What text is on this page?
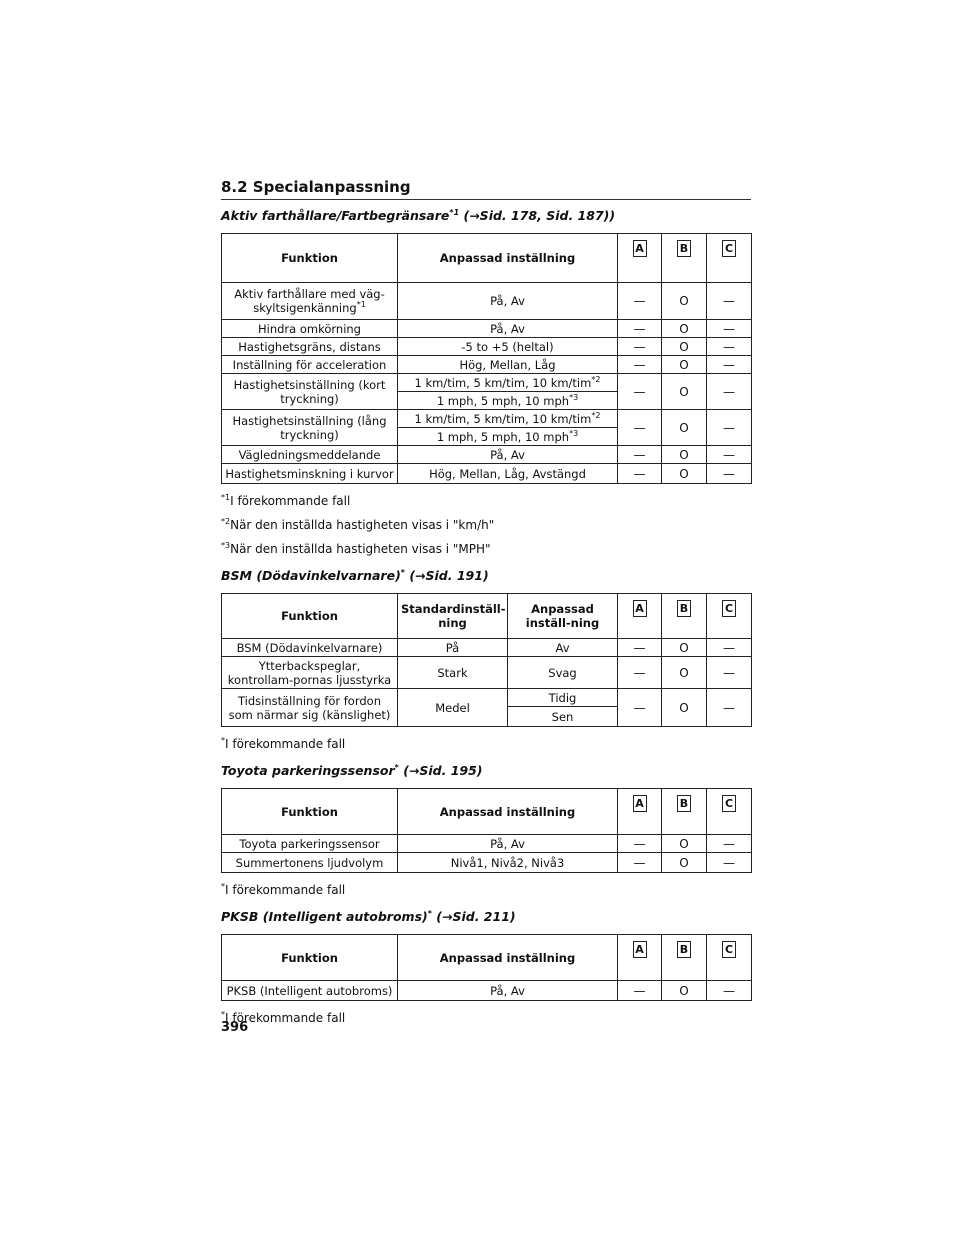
8.2 Specialanpassning
Aktiv farthållare/Fartbegränsare$^{*1}$ (→Sid. 178, Sid. 187))
Funktion	Anpassad inställning	A	B	C
Aktiv farthållare med väg-skyltsigenkänning$^{*1}$	På, Av	—	O	—
Hindra omkörning	På, Av	—	O	—
Hastighetsgräns, distans	-5 to +5 (heltal)	—	O	—
Inställning för acceleration	Hög, Mellan, Låg	—	O	—
Hastighetsinställning (kort tryckning)	1 km/tim, 5 km/tim, 10 km/tim$^{*2}$	—	O	—
	1 mph, 5 mph, 10 mph$^{*3}$
Hastighetsinställning (lång tryckning)	1 km/tim, 5 km/tim, 10 km/tim$^{*2}$	—	O	—
	1 mph, 5 mph, 10 mph$^{*3}$
Vägledningsmeddelande	På, Av	—	O	—
Hastighetsminskning i kurvor	Hög, Mellan, Låg, Avstängd	—	O	—
$^{*1}$I förekommande fall
$^{*2}$När den inställda hastigheten visas i "km/h"
$^{*3}$När den inställda hastigheten visas i "MPH"
BSM (Dödavinkelvarnare)* (→Sid. 191)
Funktion	Standardinställ-ning	Anpassad inställ-ning	A	B	C
BSM (Dödavinkelvarnare)	På	Av	—	O	—
Ytterbackspeglar, kontrollam-pornas ljusstyrka	Stark	Svag	—	O	—
Tidsinställning för fordon som närmar sig (känslighet)	Medel	Tidig	—	O	—
		Sen			
*I förekommande fall
Toyota parkeringssensor* (→Sid. 195)
Funktion	Anpassad inställning	A	B	C
Toyota parkeringssensor	På, Av	—	O	—
Summertonens ljudvolym	Nivå1, Nivå2, Nivå3	—	O	—
*I förekommande fall
PKSB (Intelligent autobroms)* (→Sid. 211)
Funktion	Anpassad inställning	A	B	C
PKSB (Intelligent autobroms)	På, Av	—	O	—
*I förekommande fall
396
